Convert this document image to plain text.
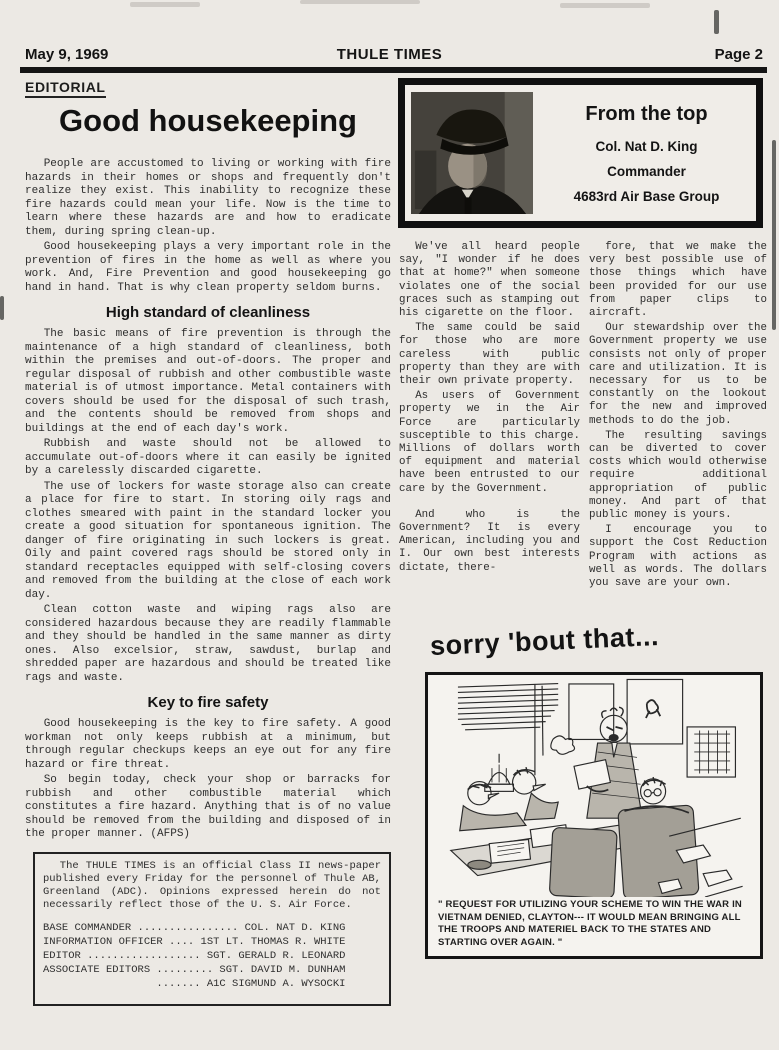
May 9, 1969	THULE TIMES	Page 2
EDITORIAL
Good housekeeping

People are accustomed to living or working with fire hazards in their homes or shops and frequently don't realize they exist. This inability to recognize these fire hazards could mean your life. Now is the time to learn where these hazards are and how to eradicate them, during spring clean-up.

Good housekeeping plays a very important role in the prevention of fires in the home as well as where you work. And, Fire Prevention and good housekeeping go hand in hand. That is why clean property seldom burns.

High standard of cleanliness

The basic means of fire prevention is through the maintenance of a high standard of cleanliness, both within the premises and out-of-doors. The proper and regular disposal of rubbish and other combustible waste material is of utmost importance. Metal containers with covers should be used for the disposal of such trash, and the contents should be removed from shops and buildings at the end of each day's work.

Rubbish and waste should not be allowed to accumulate out-of-doors where it can easily be ignited by a carelessly discarded cigarette.

The use of lockers for waste storage also can create a place for fire to start. In storing oily rags and clothes smeared with paint in the standard locker you create a good situation for spontaneous ignition. The danger of fire originating in such lockers is great. Oily and paint covered rags should be stored only in standard receptacles equipped with self-closing covers and removed from the building at the close of each work day.

Clean cotton waste and wiping rags also are considered hazardous because they are readily flammable and they should be handled in the same manner as dirty ones. Also excelsior, straw, sawdust, burlap and shredded paper are hazardous and should be treated like rags and waste.

Key to fire safety

Good housekeeping is the key to fire safety. A good workman not only keeps rubbish at a minimum, but through regular checkups keeps an eye out for any fire hazard or fire threat.

So begin today, check your shop or barracks for rubbish and other combustible material which constitutes a fire hazard. Anything that is of no value should be removed from the building and disposed of in the proper manner. (AFPS)

The THULE TIMES is an official Class II news-paper published every Friday for the personnel of Thule AB, Greenland (ADC). Opinions expressed herein do not necessarily reflect those of the U. S. Air Force.

BASE COMMANDER ................ COL. NAT D. KING
INFORMATION OFFICER .... 1ST LT. THOMAS R. WHITE
EDITOR .................. SGT. GERALD R. LEONARD
ASSOCIATE EDITORS ......... SGT. DAVID M. DUNHAM
....... A1C SIGMUND A. WYSOCKI
From the top
Col. Nat D. King
Commander
4683rd Air Base Group

We've all heard people say, "I wonder if he does that at home?" when someone violates one of the social graces such as stamping out his cigarette on the floor.

The same could be said for those who are more careless with public property than they are with their own private property.

As users of Government property we in the Air Force are particularly susceptible to this charge. Millions of dollars worth of equipment and material have been entrusted to our care by the Government.

And who is the Government? It is every American, including you and I. Our own best interests dictate, there-

fore, that we make the very best possible use of those things which have been provided for our use from paper clips to aircraft.

Our stewardship over the Government property we use consists not only of proper care and utilization. It is necessary for us to be constantly on the lookout for the new and improved methods to do the job.

The resulting savings can be diverted to cover costs which would otherwise require additional appropriation of public money. And part of that public money is yours.

I encourage you to support the Cost Reduction Program with actions as well as words. The dollars you save are your own.

sorry 'bout that...
" REQUEST FOR UTILIZING YOUR SCHEME TO WIN THE WAR IN VIETNAM DENIED, CLAYTON--- IT WOULD MEAN BRINGING ALL THE TROOPS AND MATERIEL BACK TO THE STATES AND STARTING OVER AGAIN. "
